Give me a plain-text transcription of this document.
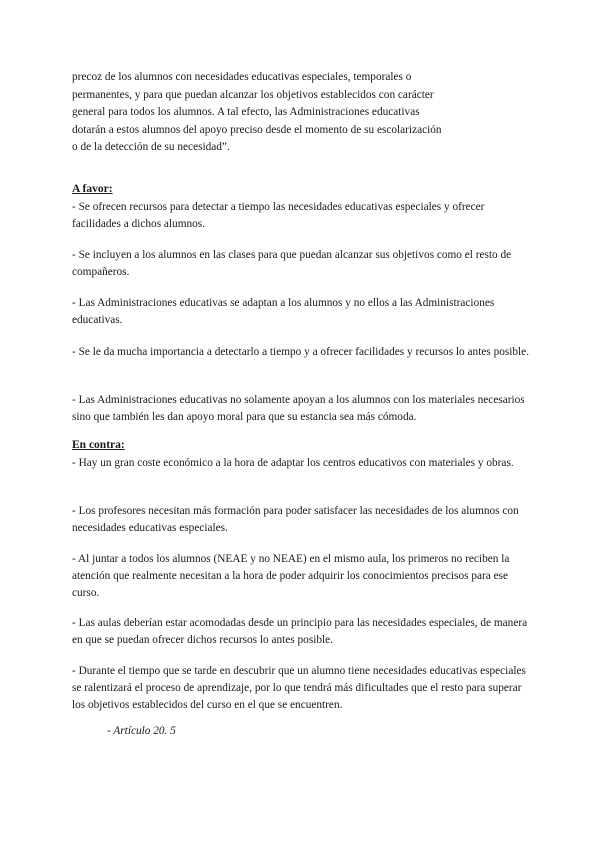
precoz de los alumnos con necesidades educativas especiales, temporales o
permanentes, y para que puedan alcanzar los objetivos establecidos con carácter
general para todos los alumnos. A tal efecto, las Administraciones educativas
dotarán a estos alumnos del apoyo preciso desde el momento de su escolarización
o de la detección de su necesidad”.

A favor:

- Se ofrecen recursos para detectar a tiempo las necesidades educativas especiales y ofrecer facilidades a dichos alumnos.

- Se incluyen a los alumnos en las clases para que puedan alcanzar sus objetivos como el resto de compañeros.

- Las Administraciones educativas se adaptan a los alumnos y no ellos a las Administraciones educativas.

- Se le da mucha importancia a detectarlo a tiempo y a ofrecer facilidades y recursos lo antes posible.

- Las Administraciones educativas no solamente apoyan a los alumnos con los materiales necesarios sino que también les dan apoyo moral para que su estancia sea más cómoda.

En contra:

- Hay un gran coste económico a la hora de adaptar los centros educativos con materiales y obras.

- Los profesores necesitan más formación para poder satisfacer las necesidades de los alumnos con necesidades educativas especiales.

- Al juntar a todos los alumnos (NEAE y no NEAE) en el mismo aula, los primeros no reciben la atención que realmente necesitan a la hora de poder adquirir los conocimientos precisos para ese curso.

- Las aulas deberían estar acomodadas desde un principio para las necesidades especiales, de manera en que se puedan ofrecer dichos recursos lo antes posible.

- Durante el tiempo que se tarde en descubrir que un alumno tiene necesidades educativas especiales se ralentizará el proceso de aprendizaje, por lo que tendrá más dificultades que el resto para superar los objetivos establecidos del curso en el que se encuentren.

- Artículo 20. 5
